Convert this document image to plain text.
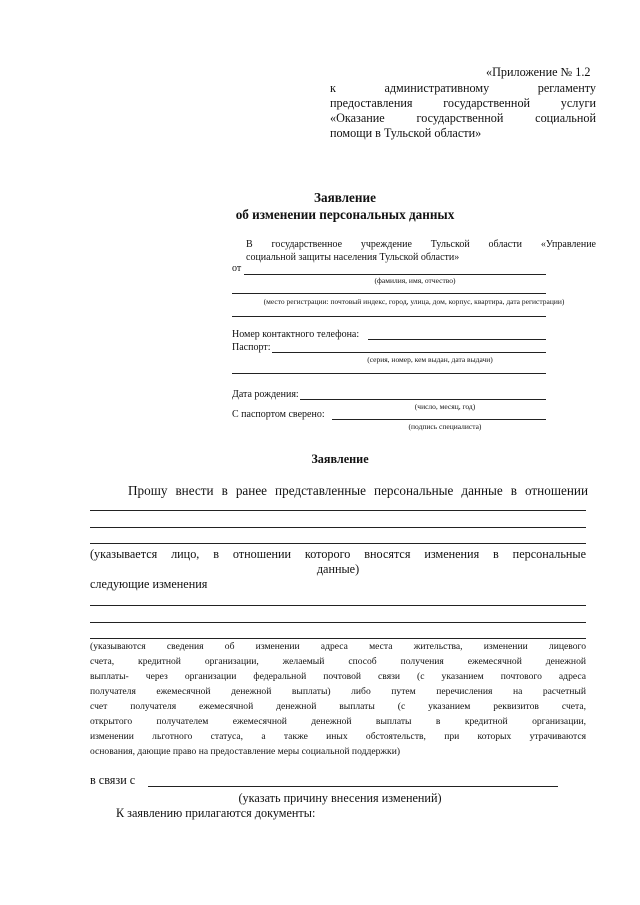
«Приложение № 1.2
к административному регламенту
предоставления государственной услуги
«Оказание государственной социальной
помощи в Тульской области»
Заявление
об изменении персональных данных
В государственное учреждение Тульской области «Управление
социальной защиты населения Тульской области»
от
(фамилия, имя, отчество)
(место регистрации: почтовый индекс, город, улица, дом, корпус, квартира, дата регистрации)
Номер контактного телефона:
Паспорт:
(серия, номер, кем выдан, дата выдачи)
Дата рождения:
(число, месяц, год)
С паспортом сверено:
(подпись специалиста)
Заявление
Прошу внести в ранее представленные персональные данные в отношении
(указывается лицо, в отношении которого вносятся изменения в персональные
данные)
следующие изменения
(указываются сведения об изменении адреса места жительства, изменении лицевого
счета, кредитной организации, желаемый способ получения ежемесячной денежной
выплаты- через организации федеральной почтовой связи (с указанием почтового адреса
получателя ежемесячной денежной выплаты) либо путем перечисления на расчетный
счет получателя ежемесячной денежной выплаты (с указанием реквизитов счета,
открытого получателем ежемесячной денежной выплаты в кредитной организации,
изменении льготного статуса, а также иных обстоятельств, при которых утрачиваются
основания, дающие право на предоставление меры социальной поддержки)
в связи с
(указать причину внесения изменений)
К заявлению прилагаются документы:
